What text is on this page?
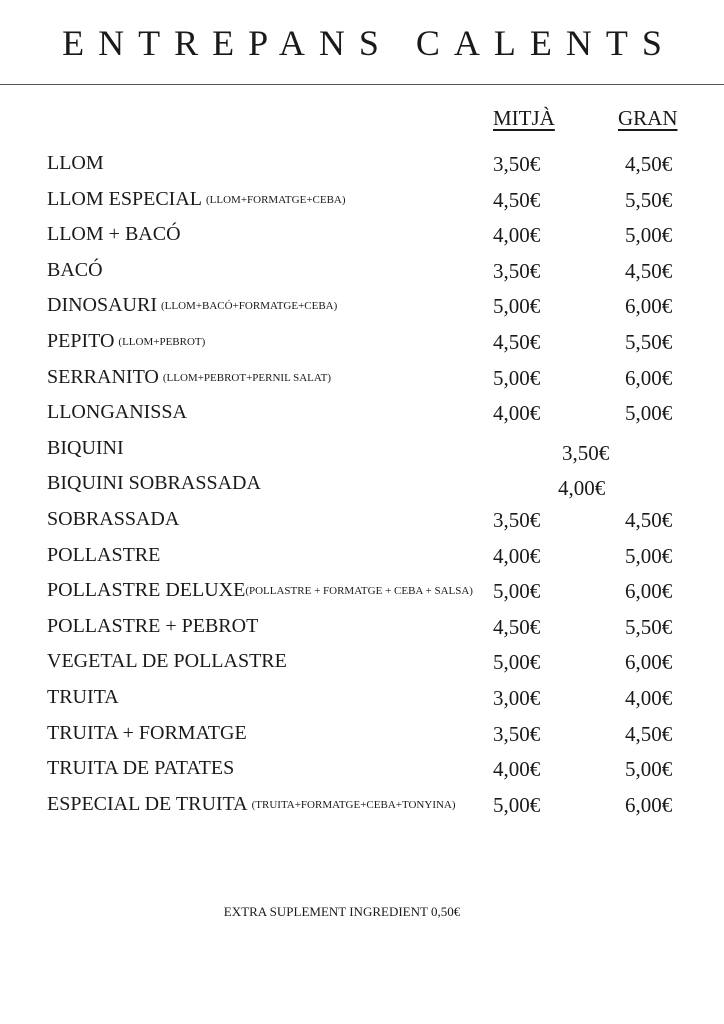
ENTREPANS CALENTS
MITJÀ	GRAN
LLOM	3,50€	4,50€
LLOM ESPECIAL (LLOM+FORMATGE+CEBA)	4,50€	5,50€
LLOM + BACÓ	4,00€	5,00€
BACÓ	3,50€	4,50€
DINOSAURI (LLOM+BACÓ+FORMATGE+CEBA)	5,00€	6,00€
PEPITO (LLOM+PEBROT)	4,50€	5,50€
SERRANITO (LLOM+PEBROT+PERNIL SALAT)	5,00€	6,00€
LLONGANISSA	4,00€	5,00€
BIQUINI	3,50€
BIQUINI SOBRASSADA	4,00€
SOBRASSADA	3,50€	4,50€
POLLASTRE	4,00€	5,00€
POLLASTRE DELUXE(POLLASTRE + FORMATGE + CEBA + SALSA) 5,00€	6,00€
POLLASTRE + PEBROT	4,50€	5,50€
VEGETAL DE POLLASTRE	5,00€	6,00€
TRUITA	3,00€	4,00€
TRUITA + FORMATGE	3,50€	4,50€
TRUITA DE PATATES	4,00€	5,00€
ESPECIAL DE TRUITA (TRUITA+FORMATGE+CEBA+TONYINA) 5,00€	6,00€
EXTRA SUPLEMENT INGREDIENT 0,50€
